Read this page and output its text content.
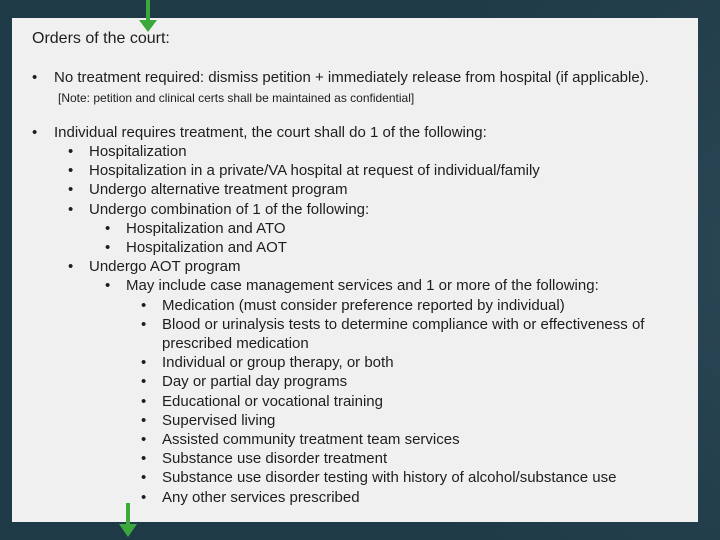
Orders of the court:
• No treatment required: dismiss petition + immediately release from hospital (if applicable).
[Note: petition and clinical certs shall be maintained as confidential]
• Individual requires treatment, the court shall do 1 of the following:
• Hospitalization
• Hospitalization in a private/VA hospital at request of individual/family
• Undergo alternative treatment program
• Undergo combination of 1 of the following:
• Hospitalization and ATO
• Hospitalization and AOT
• Undergo AOT program
• May include case management services and 1 or more of the following:
• Medication (must consider preference reported by individual)
• Blood or urinalysis tests to determine compliance with or effectiveness of
prescribed medication
• Individual or group therapy, or both
• Day or partial day programs
• Educational or vocational training
• Supervised living
• Assisted community treatment team services
• Substance use disorder treatment
• Substance use disorder testing with history of alcohol/substance use
• Any other services prescribed
